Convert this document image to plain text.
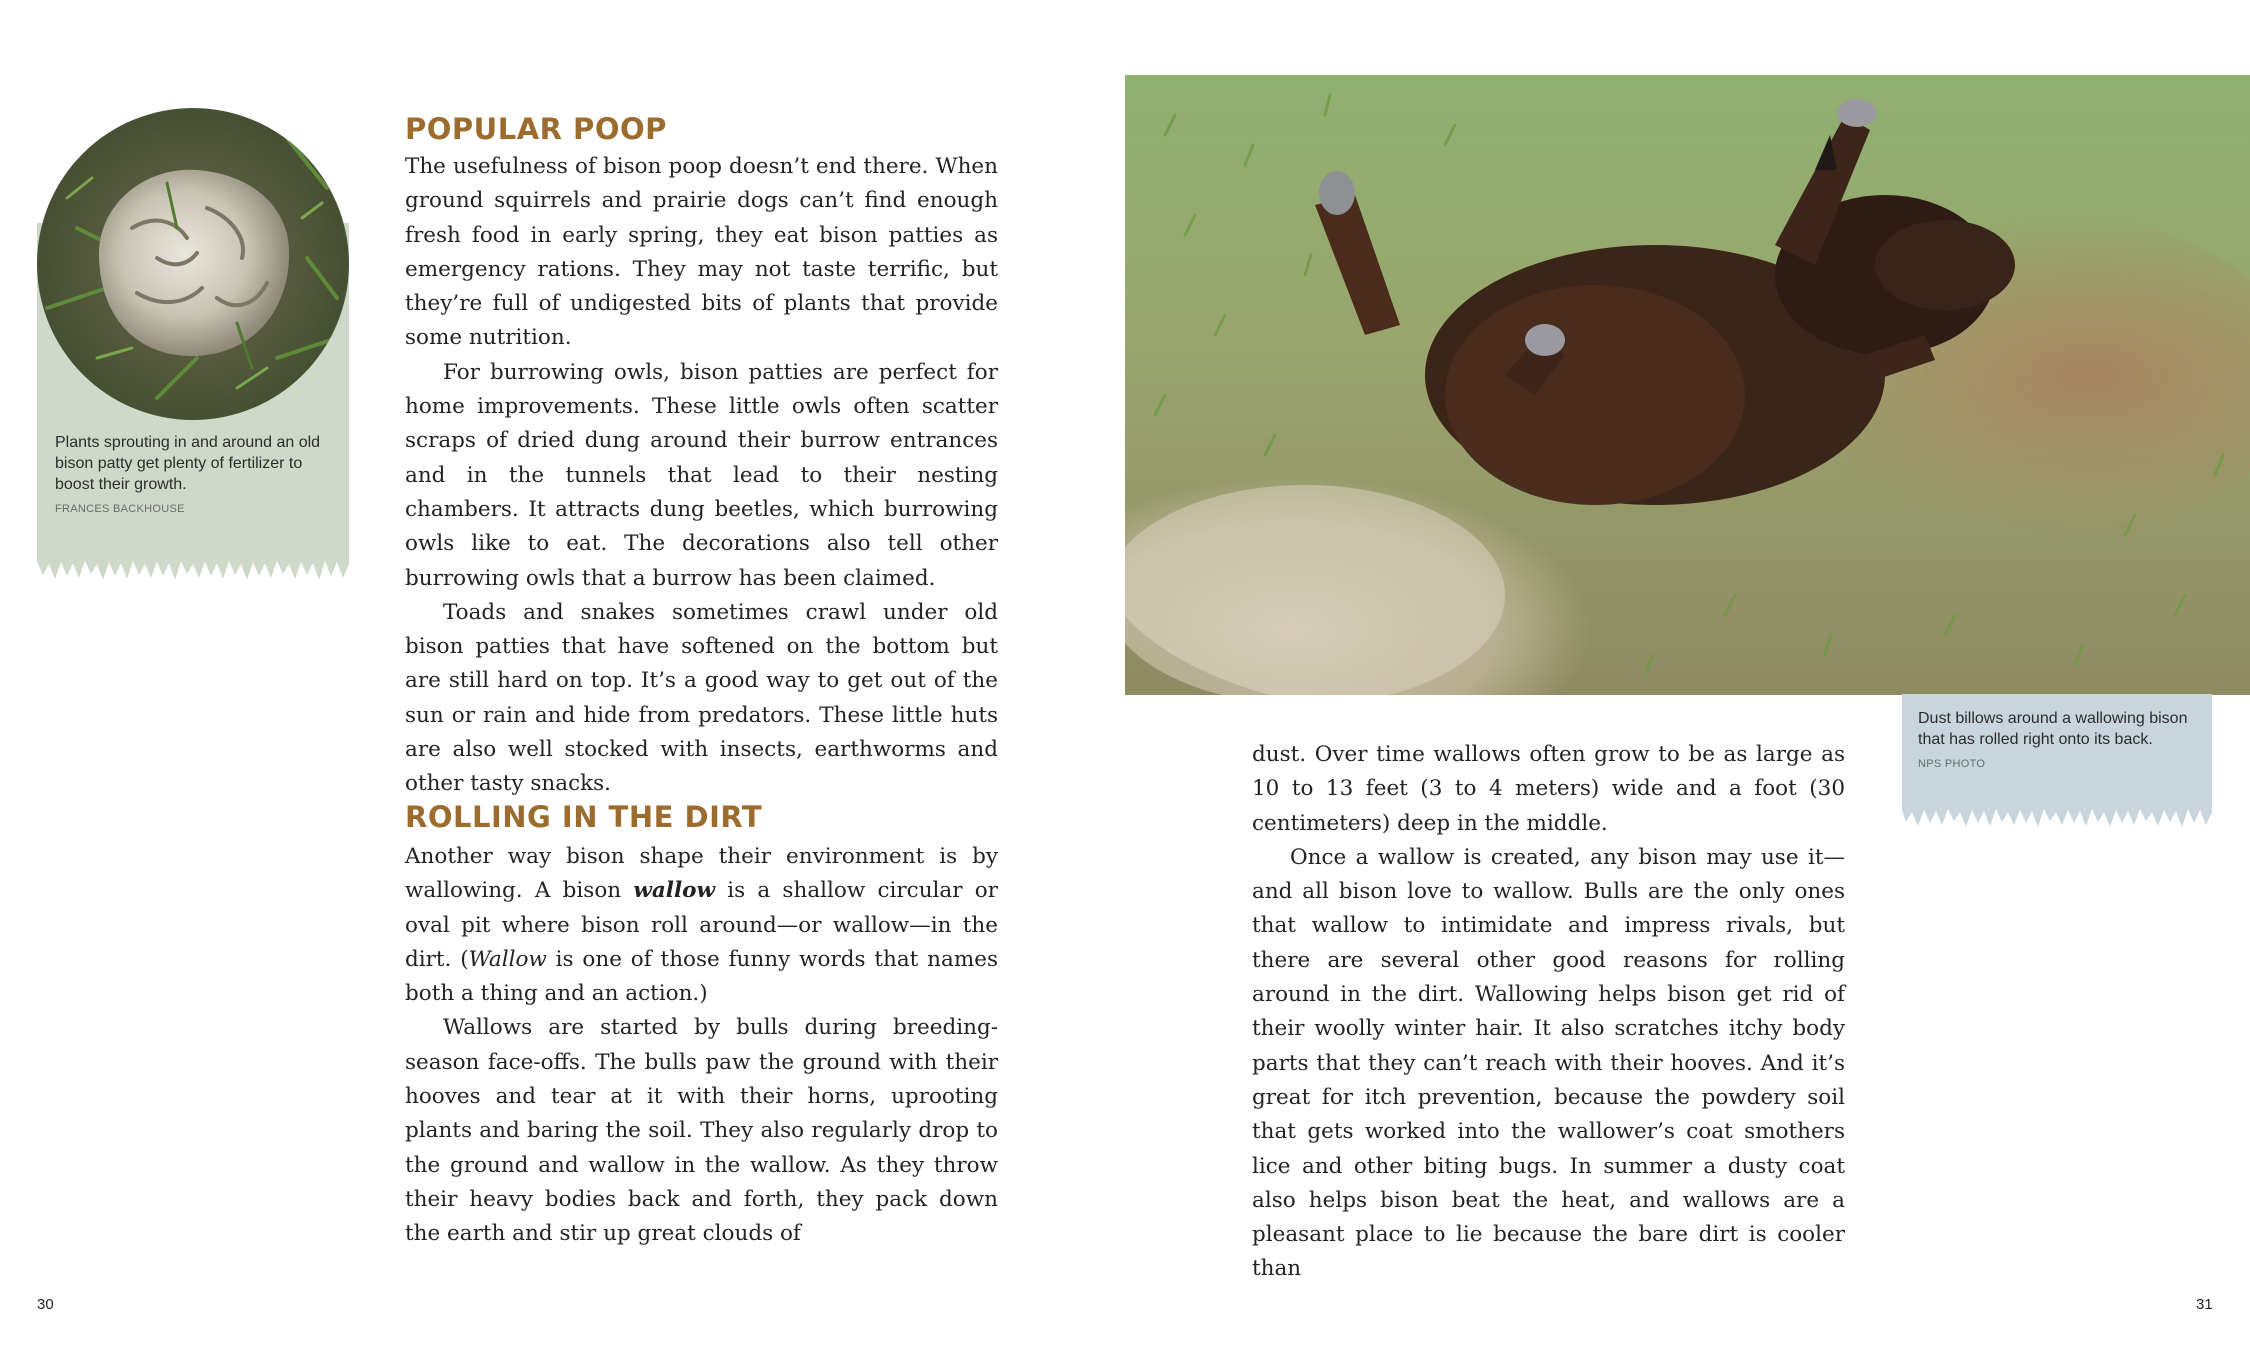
Plants sprouting in and around an old bison patty get plenty of fertilizer to boost their growth.
FRANCES BACKHOUSE
POPULAR POOP

The usefulness of bison poop doesn’t end there. When ground squirrels and prairie dogs can’t find enough fresh food in early spring, they eat bison patties as emergency rations. They may not taste terrific, but they’re full of undigested bits of plants that provide some nutrition.

For burrowing owls, bison patties are perfect for home improvements. These little owls often scatter scraps of dried dung around their burrow entrances and in the tunnels that lead to their nesting chambers. It attracts dung beetles, which burrowing owls like to eat. The decorations also tell other burrowing owls that a burrow has been claimed.

Toads and snakes sometimes crawl under old bison patties that have softened on the bottom but are still hard on top. It’s a good way to get out of the sun or rain and hide from predators. These little huts are also well stocked with insects, earthworms and other tasty snacks.

ROLLING IN THE DIRT

Another way bison shape their environment is by wallowing. A bison wallow is a shallow circular or oval pit where bison roll around—or wallow—in the dirt. (Wallow is one of those funny words that names both a thing and an action.)

Wallows are started by bulls during breeding-season face-offs. The bulls paw the ground with their hooves and tear at it with their horns, uprooting plants and baring the soil. They also regularly drop to the ground and wallow in the wallow. As they throw their heavy bodies back and forth, they pack down the earth and stir up great clouds of

Dust billows around a wallowing bison that has rolled right onto its back.
NPS PHOTO

dust. Over time wallows often grow to be as large as 10 to 13 feet (3 to 4 meters) wide and a foot (30 centimeters) deep in the middle.

Once a wallow is created, any bison may use it—and all bison love to wallow. Bulls are the only ones that wallow to intimidate and impress rivals, but there are several other good reasons for rolling around in the dirt. Wallowing helps bison get rid of their woolly winter hair. It also scratches itchy body parts that they can’t reach with their hooves. And it’s great for itch prevention, because the powdery soil that gets worked into the wallower’s coat smothers lice and other biting bugs. In summer a dusty coat also helps bison beat the heat, and wallows are a pleasant place to lie because the bare dirt is cooler than

30	31
